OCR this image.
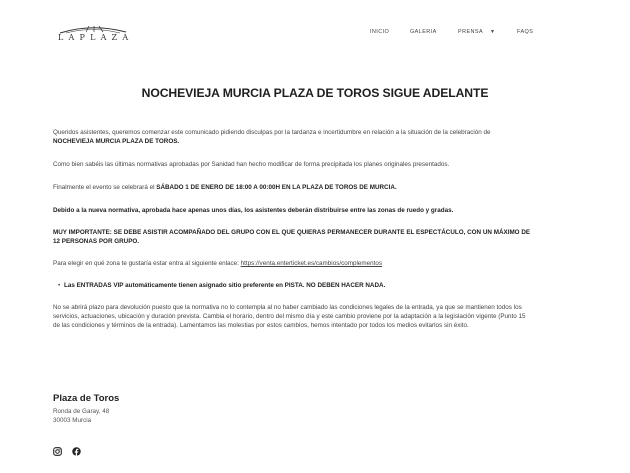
LAPLAZA
INICIO	GALERIA	PRENSA ▼	FAQS
NOCHEVIEJA MURCIA PLAZA DE TOROS SIGUE ADELANTE

Queridos asistentes, queremos comenzar este comunicado pidiendo disculpas por la tardanza e incertidumbre en relación a la situación de la celebración de NOCHEVIEJA MURCIA PLAZA DE TOROS.

Como bien sabéis las últimas normativas aprobadas por Sanidad han hecho modificar de forma precipitada los planes originales presentados.

Finalmente el evento se celebrará el SÁBADO 1 DE ENERO DE 18:00 A 00:00H EN LA PLAZA DE TOROS DE MURCIA.

Debido a la nueva normativa, aprobada hace apenas unos días, los asistentes deberán distribuirse entre las zonas de ruedo y gradas.

MUY IMPORTANTE: SE DEBE ASISTIR ACOMPAÑADO DEL GRUPO CON EL QUE QUIERAS PERMANECER DURANTE EL ESPECTÁCULO, CON UN MÁXIMO DE 12 PERSONAS POR GRUPO.

Para elegir en qué zona te gustaría estar entra al siguiente enlace: https://venta.enterticket.es/cambios/complementos

• Las ENTRADAS VIP automáticamente tienen asignado sitio preferente en PISTA. NO DEBEN HACER NADA.

No se abrirá plazo para devolución puesto que la normativa no lo contempla al no haber cambiado las condiciones legales de la entrada, ya que se mantienen todos los servicios, actuaciones, ubicación y duración prevista. Cambia el horario, dentro del mismo día y este cambio proviene por la adaptación a la legislación vigente (Punto 15 de las condiciones y términos de la entrada). Lamentamos las molestias por estos cambios, hemos intentado por todos los medios evitarlos sin éxito.

Plaza de Toros
Ronda de Garay, 48
30003 Murcia
